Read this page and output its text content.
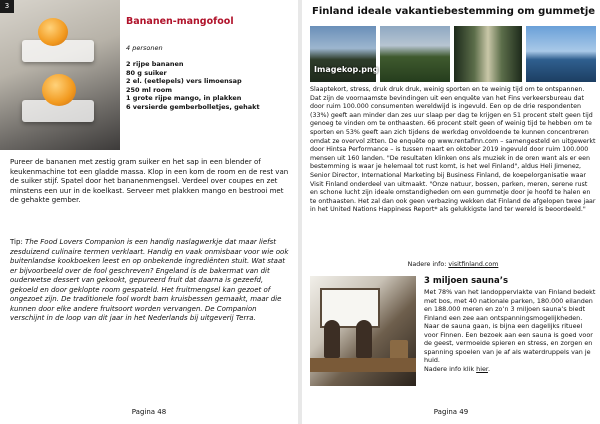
3
Bananen-mangofool
4 personen
2 rijpe bananen
80 g suiker
2 el. (eetlepels) vers limoensap
250 ml room
1 grote rijpe mango, in plakken
6 versierde gemberbolletjes, gehakt

Pureer de bananen met zestig gram suiker en het sap in een blender of keukenmachine tot een gladde massa. Klop in een kom de room en de rest van de suiker stijf. Spatel door het bananenmengsel. Verdeel over coupes en zet minstens een uur in de koelkast. Serveer met plakken mango en bestrooi met de gehakte gember.

Tip: The Food Lovers Companion is een handig naslagwerkje dat maar liefst zesduizend culinaire termen verklaart. Handig en vaak onmisbaar voor wie ook buitenlandse kookboeken leest en op onbekende ingrediënten stuit. Wat staat er bijvoorbeeld over de fool geschreven? Engeland is de bakermat van dit ouderwetse dessert van gekookt, gepureerd fruit dat daarna is gezeefd, gekoeld en door geklopte room gespateld. Het fruitmengsel kan gezoet of ongezoet zijn. De traditionele fool wordt bam kruisbessen gemaakt, maar die kunnen door elke andere fruitsoort worden vervangen. De Companion verschijnt in de loop van dit jaar in het Nederlands bij uitgeverij Terra.

Pagina 48
Finland ideale vakantiebestemming om gummetje
Imagekop.png

Slaaptekort, stress, druk druk druk, weinig sporten en te weinig tijd om te ontspannen. Dat zijn de voornaamste bevindingen uit een enquête van het Fins verkeersbureau dat door ruim 100.000 consumenten wereldwijd is ingevuld. Een op de drie respondenten (33%) geeft aan minder dan zes uur slaap per dag te krijgen en 51 procent stelt geen tijd genoeg te vinden om te onthaasten. 66 procent stelt geen of weinig tijd te hebben om te sporten en 53% geeft aan zich tijdens de werkdag onvoldoende te kunnen concentreren omdat ze overvol zitten. De enquête op www.rentafinn.com – samengesteld en uitgewerkt door Hintsa Performance – is tussen maart en oktober 2019 ingevuld door ruim 100.000 mensen uit 160 landen. "De resultaten klinken ons als muziek in de oren want als er een bestemming is waar je helemaal tot rust komt, is het wel Finland", aldus Heli Jimenez, Senior Director, International Marketing bij Business Finland, de koepelorganisatie waar Visit Finland onderdeel van uitmaakt. "Onze natuur, bossen, parken, meren, serene rust en schone lucht zijn ideale omstandigheden om een gummetje door je hoofd te halen en te onthaasten. Het zal dan ook geen verbazing wekken dat Finland de afgelopen twee jaar in het United Nations Happiness Report* als gelukkigste land ter wereld is beoordeeld."

Nadere info: visitfinland.com
3 miljoen sauna’s

Met 78% van het landoppervlakte van Finland bedekt met bos, met 40 nationale parken, 180.000 eilanden en 188.000 meren en zo’n 3 miljoen sauna’s biedt Finland een zee aan ontspanningsmogelijkheden. Naar de sauna gaan, is bijna een dagelijks ritueel voor Finnen. Een bezoek aan een sauna is goed voor de geest, vermoeide spieren en stress, en zorgen en spanning spoelen van je af als waterdruppels van je huid.
Nadere info klik hier.

Pagina 49
